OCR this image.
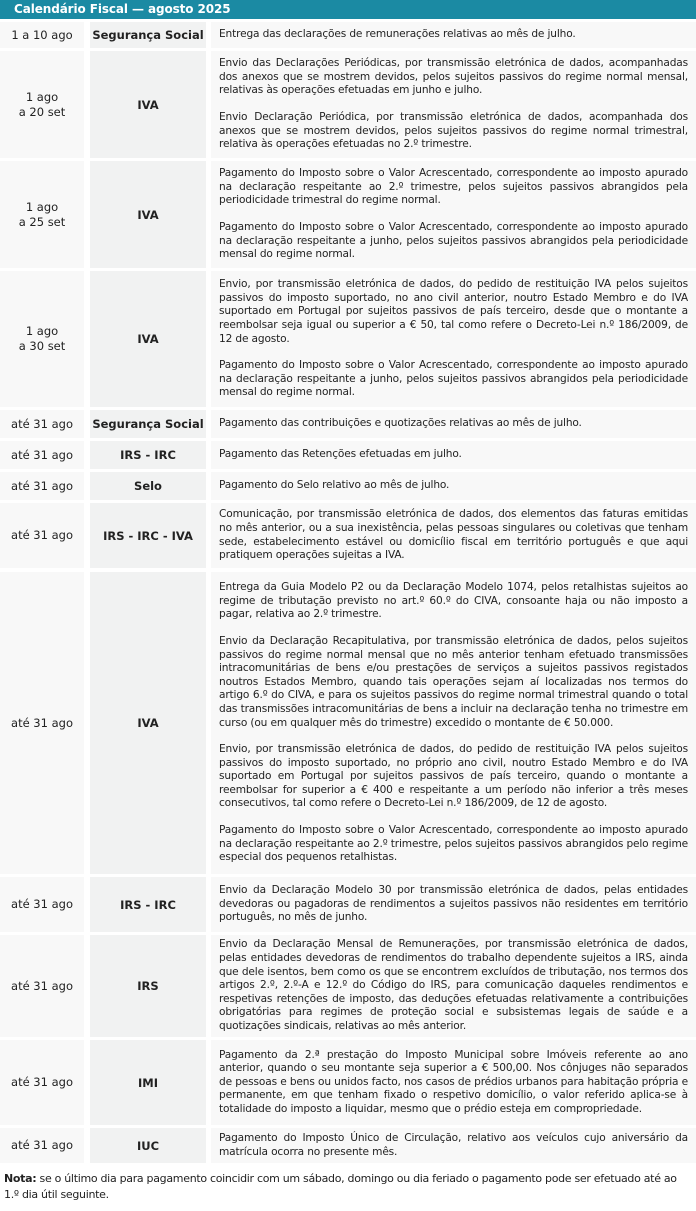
Calendário Fiscal — agosto 2025
1 a 10 ago Segurança Social Entrega das declarações de remunerações relativas ao mês de julho.

1 ago
a 20 set	IVA

Envio das Declarações Periódicas, por transmissão eletrónica de dados, acompanhadas dos anexos que se mostrem devidos, pelos sujeitos passivos do regime normal mensal, relativas às operações efetuadas em junho e julho.

Envio Declaração Periódica, por transmissão eletrónica de dados, acompanhada dos anexos que se mostrem devidos, pelos sujeitos passivos do regime normal trimestral, relativa às operações efetuadas no 2.º trimestre.

1 ago
a 25 set	IVA

Pagamento do Imposto sobre o Valor Acrescentado, correspondente ao imposto apurado na declaração respeitante ao 2.º trimestre, pelos sujeitos passivos abrangidos pela periodicidade trimestral do regime normal.

Pagamento do Imposto sobre o Valor Acrescentado, correspondente ao imposto apurado na declaração respeitante a junho, pelos sujeitos passivos abrangidos pela periodicidade mensal do regime normal.

1 ago
a 30 set	IVA

Envio, por transmissão eletrónica de dados, do pedido de restituição IVA pelos sujeitos passivos do imposto suportado, no ano civil anterior, noutro Estado Membro e do IVA suportado em Portugal por sujeitos passivos de país terceiro, desde que o montante a reembolsar seja igual ou superior a € 50, tal como refere o Decreto-Lei n.º 186/2009, de 12 de agosto.

Pagamento do Imposto sobre o Valor Acrescentado, correspondente ao imposto apurado na declaração respeitante a junho, pelos sujeitos passivos abrangidos pela periodicidade mensal do regime normal.

até 31 ago Segurança Social Pagamento das contribuições e quotizações relativas ao mês de julho.

até 31 ago	IRS - IRC	Pagamento das Retenções efetuadas em julho.

até 31 ago	Selo	Pagamento do Selo relativo ao mês de julho.

até 31 ago	IRS - IRC - IVA

Comunicação, por transmissão eletrónica de dados, dos elementos das faturas emitidas no mês anterior, ou a sua inexistência, pelas pessoas singulares ou coletivas que tenham sede, estabelecimento estável ou domicílio fiscal em território português e que aqui pratiquem operações sujeitas a IVA.

até 31 ago	IVA

Entrega da Guia Modelo P2 ou da Declaração Modelo 1074, pelos retalhistas sujeitos ao regime de tributação previsto no art.º 60.º do CIVA, consoante haja ou não imposto a pagar, relativa ao 2.º trimestre.

Envio da Declaração Recapitulativa, por transmissão eletrónica de dados, pelos sujeitos passivos do regime normal mensal que no mês anterior tenham efetuado transmissões intracomunitárias de bens e/ou prestações de serviços a sujeitos passivos registados noutros Estados Membro, quando tais operações sejam aí localizadas nos termos do artigo 6.º do CIVA, e para os sujeitos passivos do regime normal trimestral quando o total das transmissões intracomunitárias de bens a incluir na declaração tenha no trimestre em curso (ou em qualquer mês do trimestre) excedido o montante de € 50.000.

Envio, por transmissão eletrónica de dados, do pedido de restituição IVA pelos sujeitos passivos do imposto suportado, no próprio ano civil, noutro Estado Membro e do IVA suportado em Portugal por sujeitos passivos de país terceiro, quando o montante a reembolsar for superior a € 400 e respeitante a um período não inferior a três meses consecutivos, tal como refere o Decreto-Lei n.º 186/2009, de 12 de agosto.

Pagamento do Imposto sobre o Valor Acrescentado, correspondente ao imposto apurado na declaração respeitante ao 2.º trimestre, pelos sujeitos passivos abrangidos pelo regime especial dos pequenos retalhistas.

até 31 ago	IRS - IRC

Envio da Declaração Modelo 30 por transmissão eletrónica de dados, pelas entidades devedoras ou pagadoras de rendimentos a sujeitos passivos não residentes em território português, no mês de junho.

até 31 ago	IRS

Envio da Declaração Mensal de Remunerações, por transmissão eletrónica de dados, pelas entidades devedoras de rendimentos do trabalho dependente sujeitos a IRS, ainda que dele isentos, bem como os que se encontrem excluídos de tributação, nos termos dos artigos 2.º, 2.º-A e 12.º do Código do IRS, para comunicação daqueles rendimentos e respetivas retenções de imposto, das deduções efetuadas relativamente a contribuições obrigatórias para regimes de proteção social e subsistemas legais de saúde e a quotizações sindicais, relativas ao mês anterior.

até 31 ago	IMI

Pagamento da 2.ª prestação do Imposto Municipal sobre Imóveis referente ao ano anterior, quando o seu montante seja superior a € 500,00. Nos cônjuges não separados de pessoas e bens ou unidos facto, nos casos de prédios urbanos para habitação própria e permanente, em que tenham fixado o respetivo domicílio, o valor referido aplica-se à totalidade do imposto a liquidar, mesmo que o prédio esteja em compropriedade.

até 31 ago	IUC

Pagamento do Imposto Único de Circulação, relativo aos veículos cujo aniversário da matrícula ocorra no presente mês.

Nota: se o último dia para pagamento coincidir com um sábado, domingo ou dia feriado o pagamento pode ser efetuado até ao 1.º dia útil seguinte.
